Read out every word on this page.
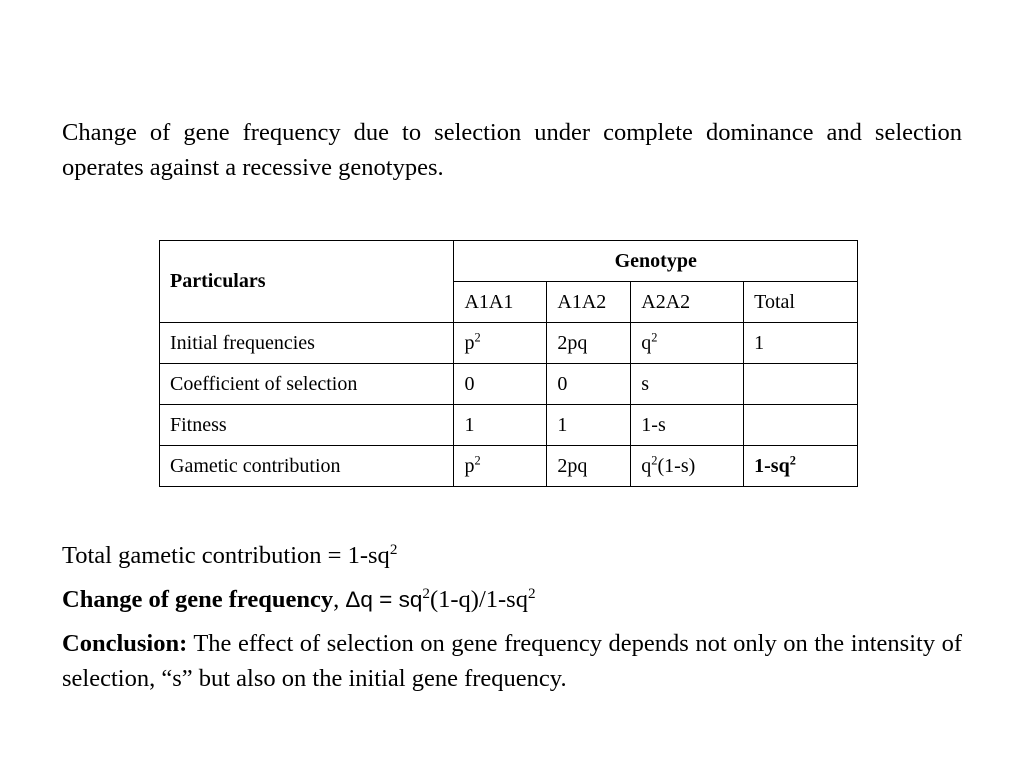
Change of gene frequency due to selection under complete dominance and selection operates against a recessive genotypes.

Particulars	Genotype			
	A1A1	A1A2	A2A2	Total
Initial frequencies	$p^2$	2pq	$q^2$	1
Coefficient of selection	0	0	s	
Fitness	1	1	1-s	
Gametic contribution	$p^2$	2pq	$q^2(1-s)$	$1-sq^2$

Total gametic contribution = $1-sq^2$

Change of gene frequency, $\Delta q = sq^2(1-q)/1-sq^2$

Conclusion: The effect of selection on gene frequency depends not only on the intensity of selection, “s” but also on the initial gene frequency.
